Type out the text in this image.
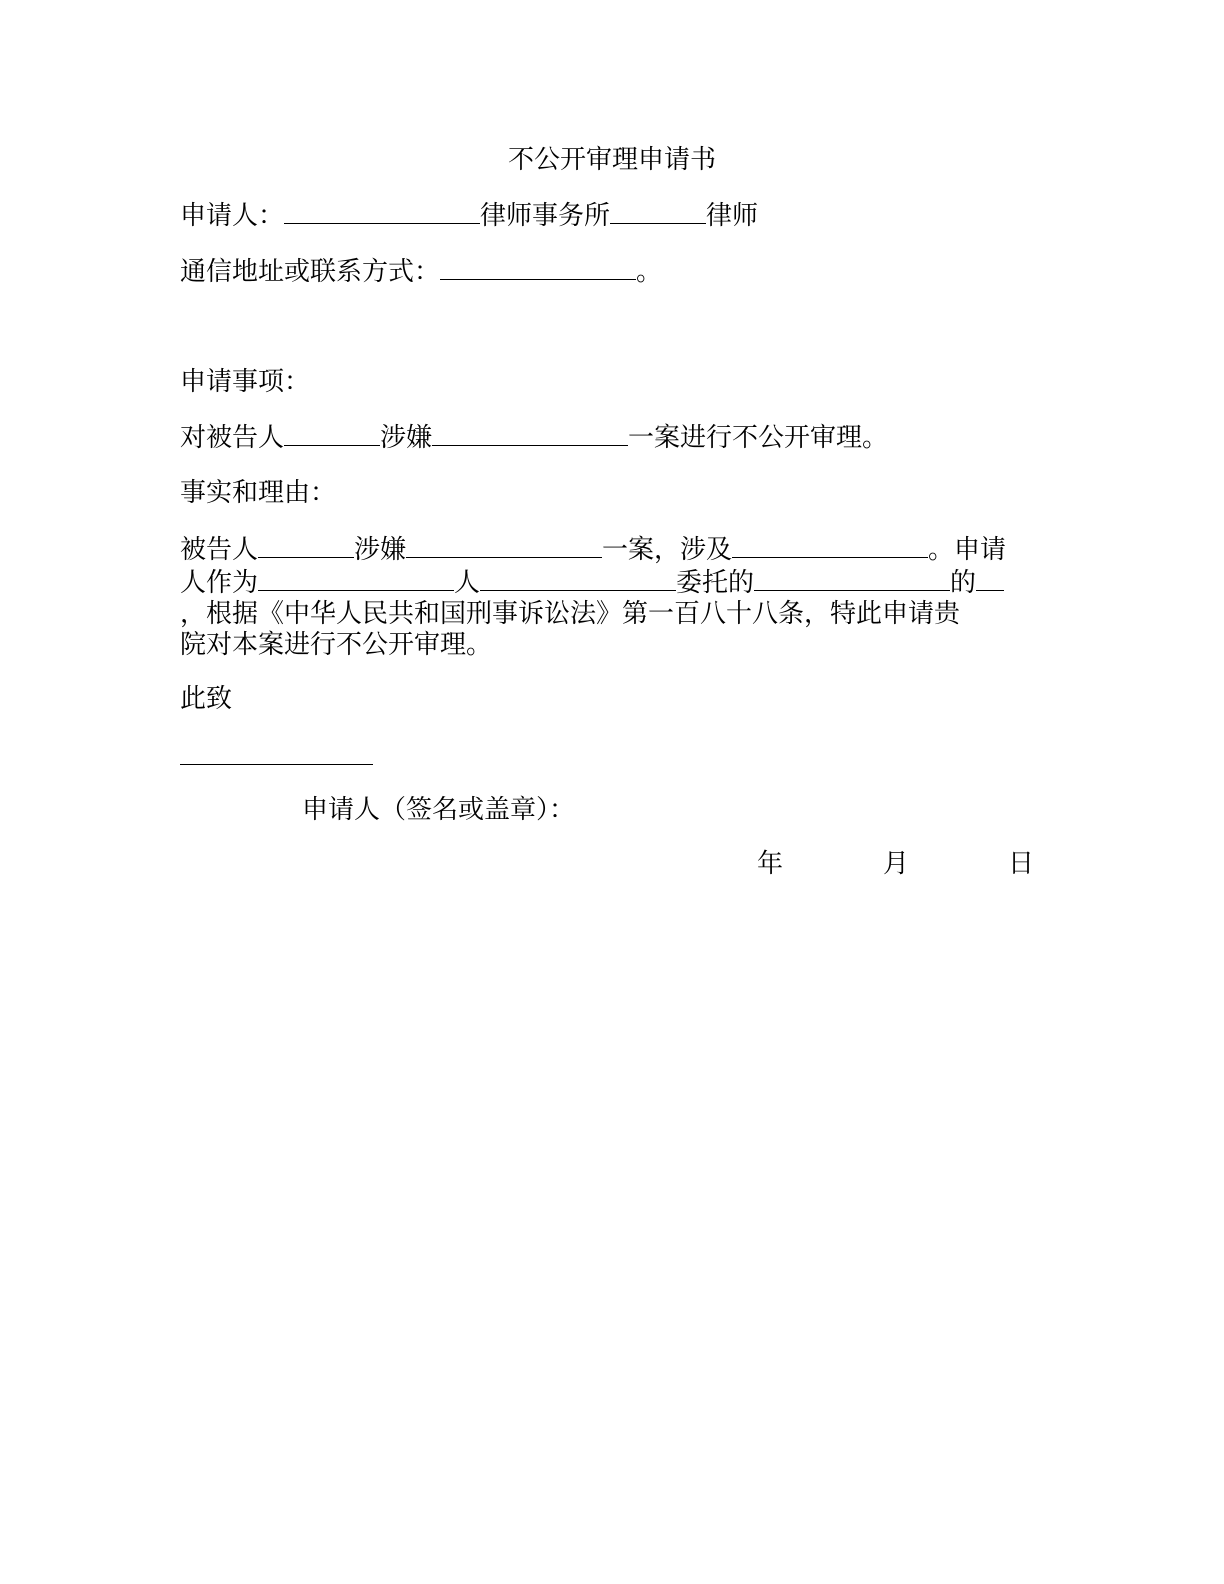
不公开审理申请书
申请人：	律师事务所	律师
通信地址或联系方式：	。
申请事项：
对被告人	涉嫌	一案进行不公开审理。
事实和理由：
被告人	涉嫌	一案，涉及	。申请
人作为	人	委托的	的
，根据《中华人民共和国刑事诉讼法》第一百八十八条，特此申请贵
院对本案进行不公开审理。
此致
申请人（签名或盖章）：
年	月	日
